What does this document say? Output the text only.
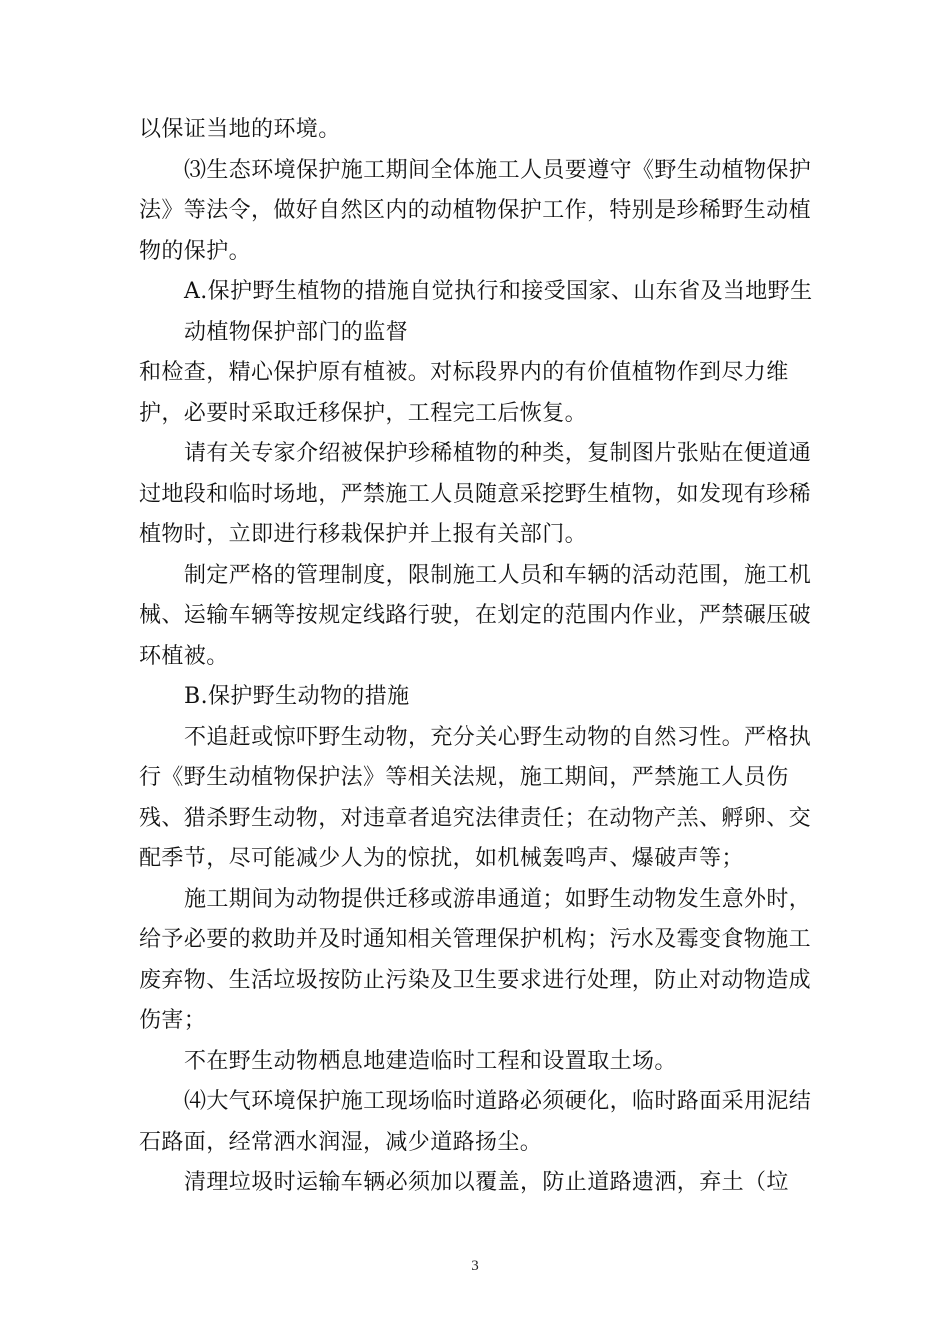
以保证当地的环境。

⑶生态环境保护施工期间全体施工人员要遵守《野生动植物保护法》等法令，做好自然区内的动植物保护工作，特别是珍稀野生动植物的保护。

A.保护野生植物的措施自觉执行和接受国家、山东省及当地野生动植物保护部门的监督

和检查，精心保护原有植被。对标段界内的有价值植物作到尽力维护，必要时采取迁移保护，工程完工后恢复。

请有关专家介绍被保护珍稀植物的种类，复制图片张贴在便道通过地段和临时场地，严禁施工人员随意采挖野生植物，如发现有珍稀植物时，立即进行移栽保护并上报有关部门。

制定严格的管理制度，限制施工人员和车辆的活动范围，施工机械、运输车辆等按规定线路行驶，在划定的范围内作业，严禁碾压破环植被。

B.保护野生动物的措施

不追赶或惊吓野生动物，充分关心野生动物的自然习性。严格执行《野生动植物保护法》等相关法规，施工期间，严禁施工人员伤残、猎杀野生动物，对违章者追究法律责任；在动物产羔、孵卵、交配季节，尽可能减少人为的惊扰，如机械轰鸣声、爆破声等；

施工期间为动物提供迁移或游串通道；如野生动物发生意外时，

给予必要的救助并及时通知相关管理保护机构；污水及霉变食物施工废弃物、生活垃圾按防止污染及卫生要求进行处理，防止对动物造成伤害；

不在野生动物栖息地建造临时工程和设置取土场。

⑷大气环境保护施工现场临时道路必须硬化，临时路面采用泥结石路面，经常洒水润湿，减少道路扬尘。

清理垃圾时运输车辆必须加以覆盖，防止道路遗洒，弃土（垃

3
